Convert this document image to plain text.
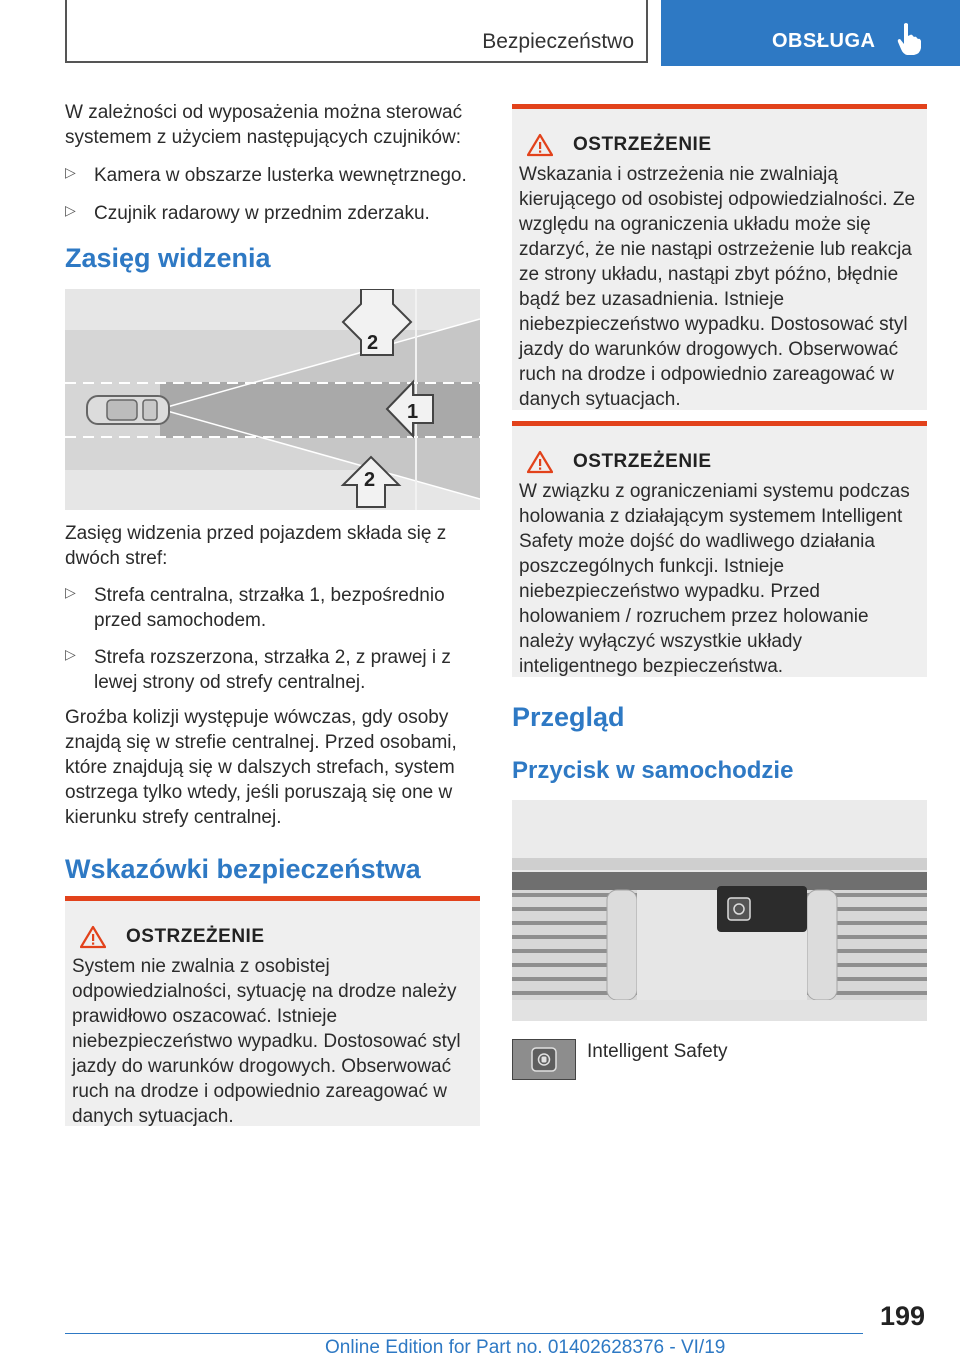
Bezpieczeństwo	OBSŁUGA

W zależności od wyposażenia można sterować systemem z użyciem następujących czujników:

▷ Kamera w obszarze lusterka wewnętrznego.
▷ Czujnik radarowy w przednim zderzaku.
Zasięg widzenia
2
1
2

Zasięg widzenia przed pojazdem składa się z dwóch stref:

▷ Strefa centralna, strzałka 1, bezpośrednio przed samochodem.
▷ Strefa rozszerzona, strzałka 2, z prawej i z lewej strony od strefy centralnej.

Groźba kolizji występuje wówczas, gdy osoby znajdą się w strefie centralnej. Przed osobami, które znajdują się w dalszych strefach, system ostrzega tylko wtedy, jeśli poruszają się one w kierunku strefy centralnej.

Wskazówki bezpieczeństwa
OSTRZEŻENIE

System nie zwalnia z osobistej odpowiedzialności, sytuację na drodze należy prawidłowo oszacować. Istnieje niebezpieczeństwo wypadku. Dostosować styl jazdy do warunków drogowych. Obserwować ruch na drodze i odpowiednio zareagować w danych sytuacjach.

OSTRZEŻENIE

Wskazania i ostrzeżenia nie zwalniają kierującego od osobistej odpowiedzialności. Ze względu na ograniczenia układu może się zdarzyć, że nie nastąpi ostrzeżenie lub reakcja ze strony układu, nastąpi zbyt późno, błędnie bądź bez uzasadnienia. Istnieje niebezpieczeństwo wypadku. Dostosować styl jazdy do warunków drogowych. Obserwować ruch na drodze i odpowiednio zareagować w danych sytuacjach.

OSTRZEŻENIE

W związku z ograniczeniami systemu podczas holowania z działającym systemem Intelligent Safety może dojść do wadliwego działania poszczególnych funkcji. Istnieje niebezpieczeństwo wypadku. Przed holowaniem / rozruchem przez holowanie należy wyłączyć wszystkie układy inteligentnego bezpieczeństwa.

Przegląd
Przycisk w samochodzie
Intelligent Safety
199
Online Edition for Part no. 01402628376 - VI/19
